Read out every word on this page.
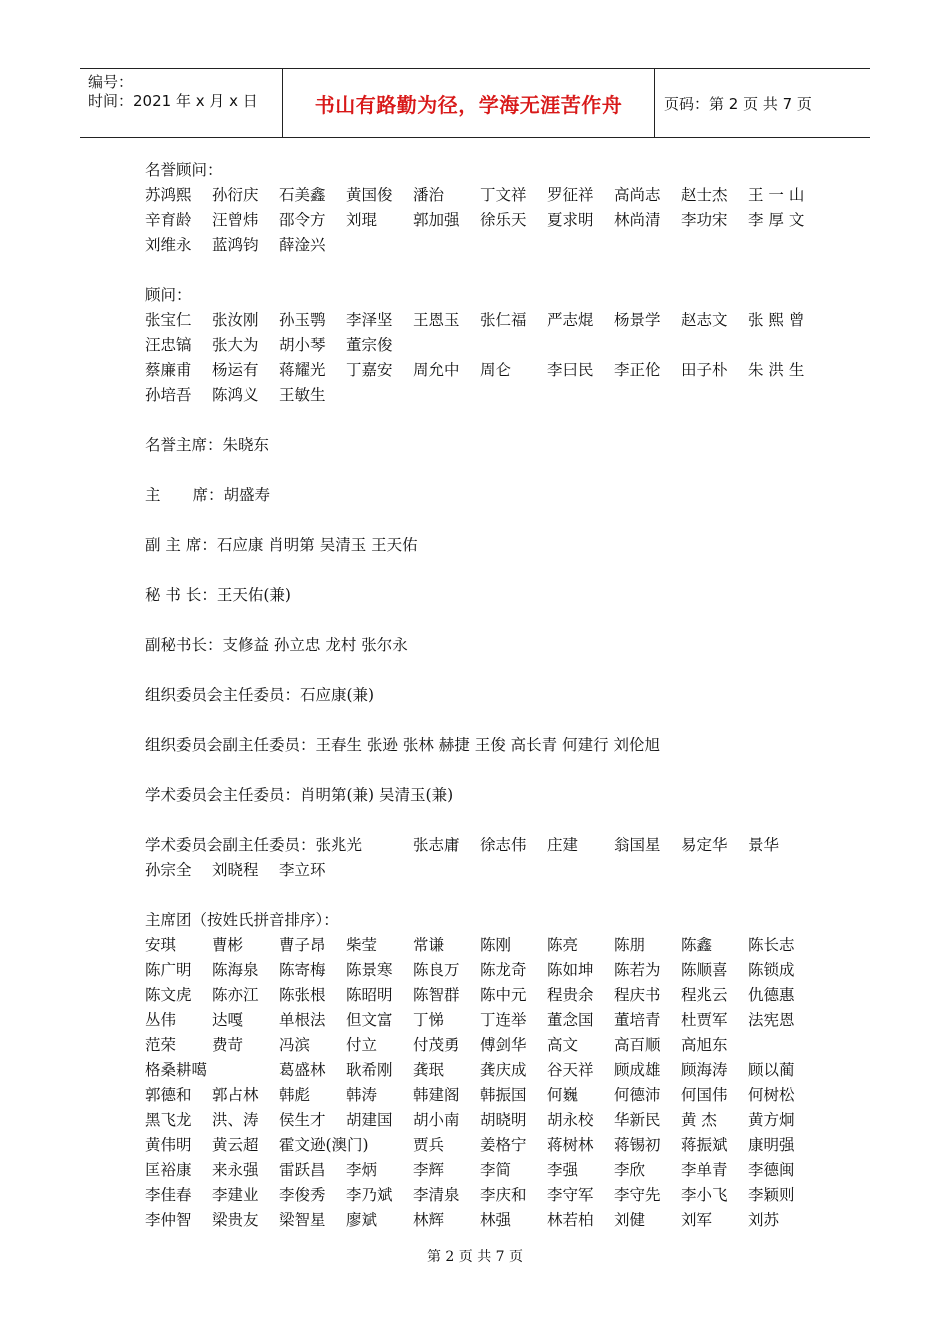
编号：
时间：2021 年 x 月 x 日	书山有路勤为径，学海无涯苦作舟	页码：第 2 页 共 7 页
名誉顾问：
苏鸿熙 孙衍庆 石美鑫 黄国俊 潘治 丁文祥 罗征祥 高尚志 赵士杰 王 一 山
辛育龄 汪曾炜 邵令方 刘琨 郭加强 徐乐天 夏求明 林尚清 李功宋 李 厚 文
刘维永 蓝鸿钧 薛淦兴
顾问：
张宝仁 张汝刚 孙玉鹗 李泽坚 王恩玉 张仁福 严志焜 杨景学 赵志文 张 熙 曾
汪忠镐 张大为 胡小琴 董宗俊
蔡廉甫 杨运有 蒋耀光 丁嘉安 周允中 周仑 李曰民 李正伦 田子朴 朱 洪 生
孙培吾 陈鸿义 王敏生
名誉主席：朱晓东
主 席：胡盛寿
副 主 席：石应康 肖明第 吴清玉 王天佑
秘 书 长：王天佑(兼)
副秘书长：支修益 孙立忠 龙村 张尔永
组织委员会主任委员：石应康(兼)
组织委员会副主任委员：王春生 张逊 张林 赫捷 王俊 高长青 何建行 刘伦旭
学术委员会主任委员：肖明第(兼) 吴清玉(兼)
学术委员会副主任委员：张兆光	张志庸 徐志伟 庄建 翁国星 易定华 景华
孙宗全 刘晓程 李立环
主席团（按姓氏拼音排序）：
安琪 曹彬 曹子昂 柴莹 常谦 陈刚 陈亮 陈朋 陈鑫 陈长志
陈广明 陈海泉 陈寄梅 陈景寒 陈良万 陈龙奇 陈如坤 陈若为 陈顺喜 陈锁成
陈文虎 陈亦江 陈张根 陈昭明 陈智群 陈中元 程贵余 程庆书 程兆云 仇德惠
丛伟 达嘎 单根法 但文富 丁悌 丁连举 董念国 董培青 杜贾军 法宪恩
范荣 费苛 冯滨 付立 付茂勇 傅剑华 高文 高百顺 高旭东
格桑耕噶	葛盛林 耿希刚 龚珉 龚庆成 谷天祥 顾成雄 顾海涛 顾以蔺
郭德和 郭占林 韩彪 韩涛 韩建阁 韩振国 何巍 何德沛 何国伟 何树松
黑飞龙 洪、涛 侯生才 胡建国 胡小南 胡晓明 胡永校 华新民 黄 杰 黄方炯
黄伟明 黄云超 霍文逊(澳门)	贾兵 姜格宁 蒋树林 蒋锡初 蒋振斌 康明强
匡裕康 来永强 雷跃昌 李炳 李辉 李简 李强 李欣 李单青 李德闽
李佳春 李建业 李俊秀 李乃斌 李清泉 李庆和 李守军 李守先 李小飞 李颖则
李仲智 梁贵友 梁智星 廖斌 林辉 林强 林若柏 刘健 刘军 刘苏
第 2 页 共 7 页
